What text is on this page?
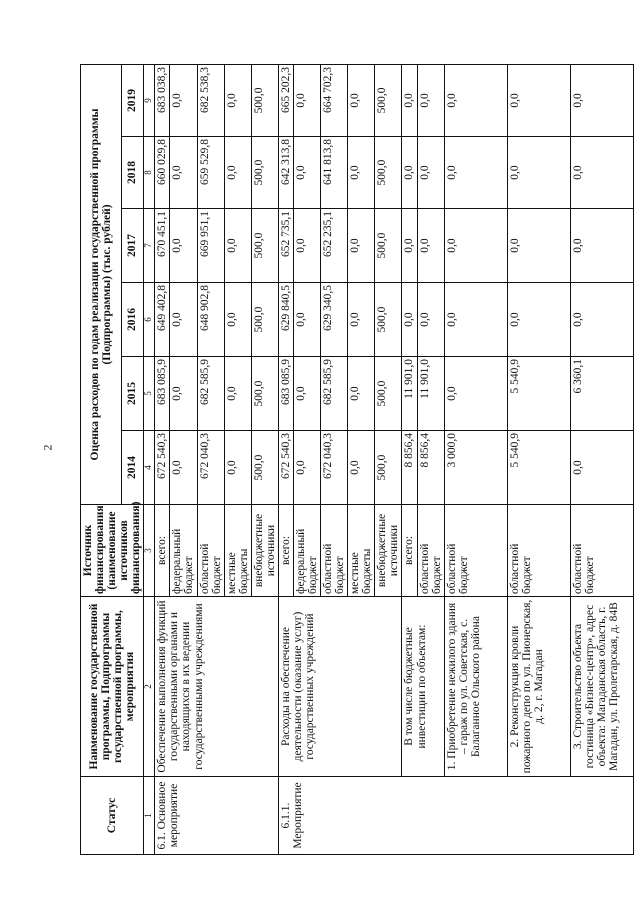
2
Статус	Наименование государственной программы, Подпрограммы государственной программы, мероприятия	Источник финансирования (наименование источников финансирования)	Оценка расходов по годам реализации государственной программы (Подпрограммы) (тыс. рублей)					
			2014	2015	2016	2017	2018	2019
1	2	3	4	5	6	7	8	9
6.1. Основное мероприятие	Обеспечение выполнения функций государственными органами и находящихся в их ведении государственными учреждениями	всего:	672 540,3	683 085,9	649 402,8	670 451,1	660 029,8	683 038,3
		федеральный бюджет	0,0	0,0	0,0	0,0	0,0	0,0
		областной бюджет	672 040,3	682 585,9	648 902,8	669 951,1	659 529,8	682 538,3
		местные бюджеты	0,0	0,0	0,0	0,0	0,0	0,0
		внебюджетные источники	500,0	500,0	500,0	500,0	500,0	500,0
6.1.1. Мероприятие	Расходы на обеспечение деятельности (оказание услуг) государственных учреждений	всего:	672 540,3	683 085,9	629 840,5	652 735,1	642 313,8	665 202,3
		федеральный бюджет	0,0	0,0	0,0	0,0	0,0	0,0
		областной бюджет	672 040,3	682 585,9	629 340,5	652 235,1	641 813,8	664 702,3
		местные бюджеты	0,0	0,0	0,0	0,0	0,0	0,0
		внебюджетные источники	500,0	500,0	500,0	500,0	500,0	500,0
	В том числе бюджетные инвестиции по объектам:	всего:	8 856,4	11 901,0	0,0	0,0	0,0	0,0
		областной бюджет	8 856,4	11 901,0	0,0	0,0	0,0	0,0
	1. Приобретение нежилого здания – гараж по ул. Советская, с. Балаганное Ольского района	областной бюджет	3 000,0	0,0	0,0	0,0	0,0	0,0
	2. Реконструкция кровли пожарного депо по ул. Пионерская, д. 2, г. Магадан	областной бюджет	5 540,9	5 540,9	0,0	0,0	0,0	0,0
	3. Строительство объекта гостиница «Бизнес-центр», адрес объекта: Магаданская область, г. Магадан, ул. Пролетарская, д. 84В	областной бюджет	0,0	6 360,1	0,0	0,0	0,0	0,0
